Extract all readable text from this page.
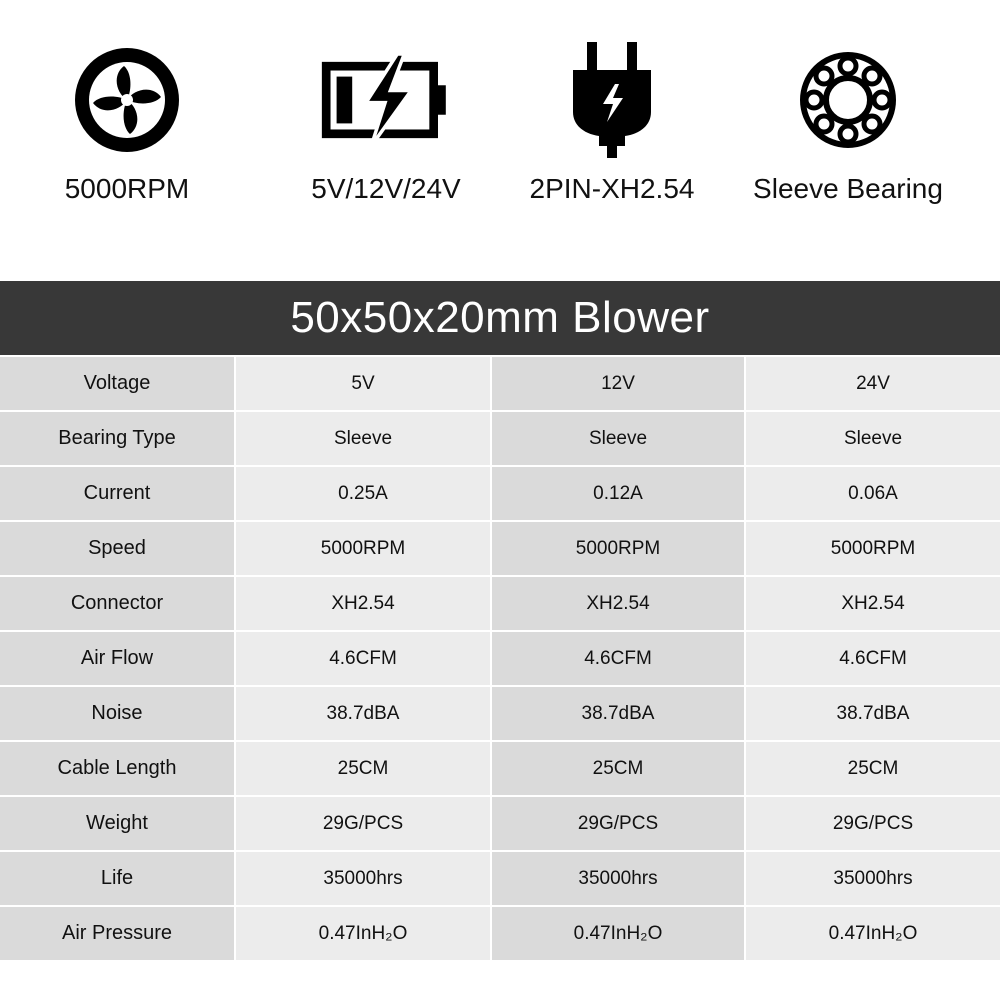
5000RPM	5V/12V/24V	2PIN-XH2.54	Sleeve Bearing
50x50x20mm Blower
Voltage	5V	12V	24V
Bearing Type	Sleeve	Sleeve	Sleeve
Current	0.25A	0.12A	0.06A
Speed	5000RPM	5000RPM	5000RPM
Connector	XH2.54	XH2.54	XH2.54
Air Flow	4.6CFM	4.6CFM	4.6CFM
Noise	38.7dBA	38.7dBA	38.7dBA
Cable Length	25CM	25CM	25CM
Weight	29G/PCS	29G/PCS	29G/PCS
Life	35000hrs	35000hrs	35000hrs
Air Pressure	0.47InH₂O	0.47InH₂O	0.47InH₂O
